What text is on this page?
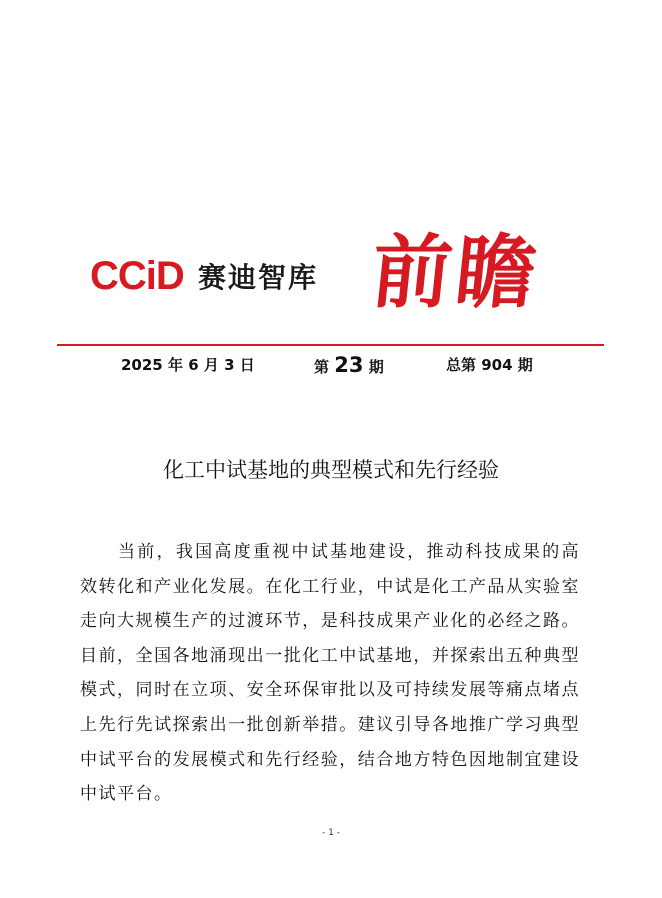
CCiD 赛迪智库 前瞻
2025 年 6 月 3 日	第 23 期	总第 904 期
化工中试基地的典型模式和先行经验

当前，我国高度重视中试基地建设，推动科技成果的高效转化和产业化发展。在化工行业，中试是化工产品从实验室走向大规模生产的过渡环节，是科技成果产业化的必经之路。目前，全国各地涌现出一批化工中试基地，并探索出五种典型模式，同时在立项、安全环保审批以及可持续发展等痛点堵点上先行先试探索出一批创新举措。建议引导各地推广学习典型中试平台的发展模式和先行经验，结合地方特色因地制宜建设中试平台。

- 1 -
